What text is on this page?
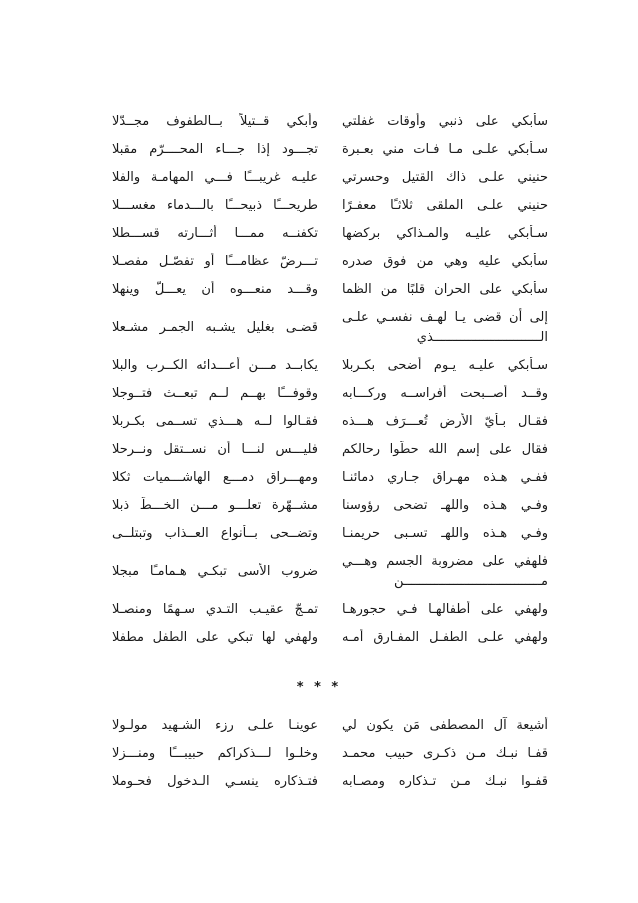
سأبكي على ذنبي وأوقات غفلتي
وأبكي قــتيلاً بــالطفوف مجــدّلا
سـأبكي علـى مـا فـات مني بعـبرة
تجـــود إذا جـــاء المحــــرّم مقبلا
حنيني علـى ذاك القتيل وحسرتي
عليـه غريبـــًا فـــي المهامـة والفلا
حنيني علـى الملقى ثلاثـًا معفـرًا
طريحـــًا ذبيحـــًا بالـــدماء مغســـلا
سـأبكي عليـه والمـذاكي بركضها
تكفنــه ممـــا أثـــارته قســـطلا
سأبكي عليه وهي من فوق صدره
تـــرضّ عظامـــًا أو تفصّـل مفصـلا
سأبكي على الحران قلبًا من الظما
وقـــد منعـــوه أن يعـــلّ وينهلا
إلى أن قضى يـا لهـف نفسـي علـى الــــــــــــــــــــــــــــذي
قضـى بغليل يشـبه الجمـر مشـعلا
سـأبكي عليـه يـوم أضحى بكـربلا
يكابــد مـــن أعـــدائه الكــرب والبلا
وقــد أصــبحت أفراســه وركـــابه
وقوفـــًا بهــم لــم تبعــث فتــوجلا
فقـال بـأيّ الأرض تُعـــرَف هـــذه
فقـالوا لــه هـــذي تســمى بكـربلا
فقال على إسم الله حطّوا رحالكم
فليـــس لنـــا أن نســتقل ونــرحلا
ففـي هـذه مهـراق جـاري دمائنـا
ومهـــراق دمـــع الهاشـــميات ثكلا
وفـي هـذه واللهـ تضحى رؤوسنا
مشــهّرة تعلـــو مـــن الخـــطّ ذبلا
وفـي هـذه واللهـ تسـبى حريمنـا
وتضــحى بــأنواع العــذاب وتبتلــى
فلهفي على مضروبة الجسم وهـــي مــــــــــــــــــــــــــــــــــــن
ضروب الأسى تبكـي هـمامـًا مبجلا
ولهفي على أطفالهـا فـي حجورهـا
تمـجّ عقيـب التـدي سـهمًا ومنصـلا
ولهفي علـى الطفـل المفـارق أمـه
ولهفي لها تبكي على الطفل مطفلا
* * *
أشيعة آل المصطفى مَن يكون لي
عوينـا علـى رزء الشـهيد مولـولا
قفـا نبـك مـن ذكـرى حبيب محمـد
وخلـوا لـــذكراكم حبيبـــًا ومنـــزلا
قفـوا نبـك مـن تـذكاره ومصـابه
فتـذكاره ينسـي الـدخول فحـوملا
